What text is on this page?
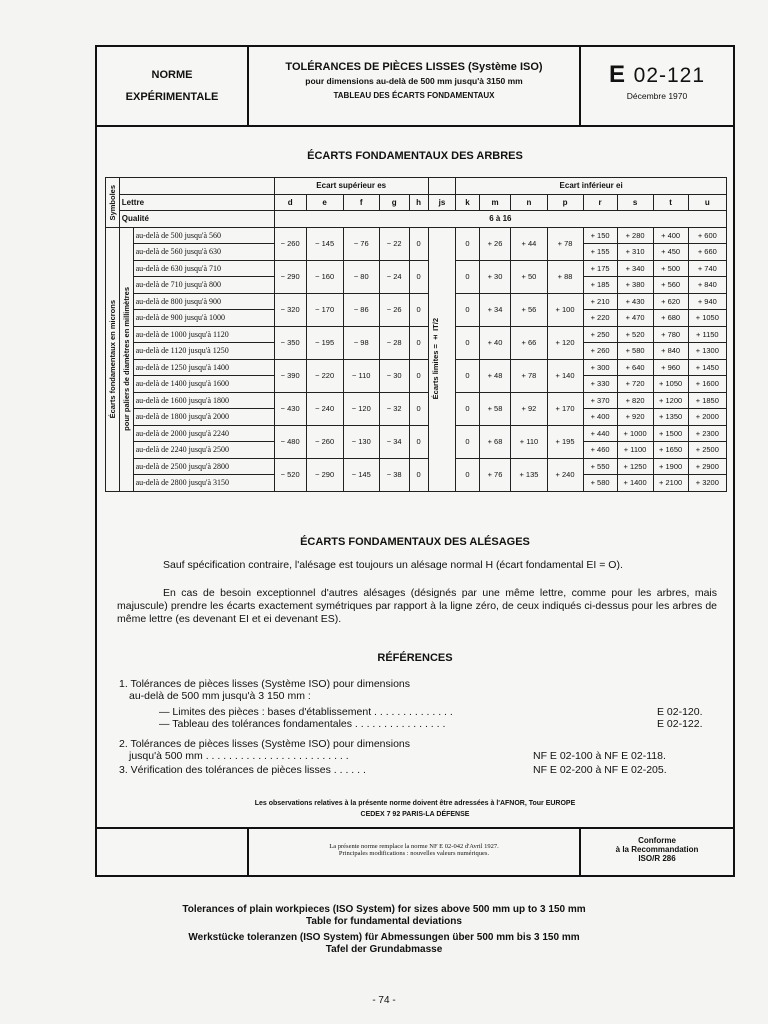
NORME
EXPÉRIMENTALE
TOLÉRANCES DE PIÈCES LISSES (Système ISO)
pour dimensions au-delà de 500 mm jusqu'à 3150 mm
TABLEAU DES ÉCARTS FONDAMENTAUX
E 02-121
Décembre 1970
ÉCARTS FONDAMENTAUX DES ARBRES
Symboles			Ecart supérieur es						Ecart inférieur ei							
	Lettre		d	e	f	g	h	js	k	m	n	p	r	s	t	u
	Qualité		6 à 16													

Écarts fondamentaux en microns	pour paliers de diamètres en millimètres	au-delà de 500 jusqu'à 560	− 260	− 145	− 76	− 22	0	Écarts limites = ± IT/2	0	+ 26	+ 44	+ 78	+ 150	+ 280	+ 400	+ 600
		au-delà de 560 jusqu'à 630											+ 155	+ 310	+ 450	+ 660
		au-delà de 630 jusqu'à 710	− 290	− 160	− 80	− 24	0		0	+ 30	+ 50	+ 88	+ 175	+ 340	+ 500	+ 740
		au-delà de 710 jusqu'à 800											+ 185	+ 380	+ 560	+ 840
		au-delà de 800 jusqu'à 900	− 320	− 170	− 86	− 26	0		0	+ 34	+ 56	+ 100	+ 210	+ 430	+ 620	+ 940
		au-delà de 900 jusqu'à 1000											+ 220	+ 470	+ 680	+ 1050
		au-delà de 1000 jusqu'à 1120	− 350	− 195	− 98	− 28	0		0	+ 40	+ 66	+ 120	+ 250	+ 520	+ 780	+ 1150
		au-delà de 1120 jusqu'à 1250											+ 260	+ 580	+ 840	+ 1300
		au-delà de 1250 jusqu'à 1400	− 390	− 220	− 110	− 30	0		0	+ 48	+ 78	+ 140	+ 300	+ 640	+ 960	+ 1450
		au-delà de 1400 jusqu'à 1600											+ 330	+ 720	+ 1050	+ 1600
		au-delà de 1600 jusqu'à 1800	− 430	− 240	− 120	− 32	0		0	+ 58	+ 92	+ 170	+ 370	+ 820	+ 1200	+ 1850
		au-delà de 1800 jusqu'à 2000											+ 400	+ 920	+ 1350	+ 2000
		au-delà de 2000 jusqu'à 2240	− 480	− 260	− 130	− 34	0		0	+ 68	+ 110	+ 195	+ 440	+ 1000	+ 1500	+ 2300
		au-delà de 2240 jusqu'à 2500											+ 460	+ 1100	+ 1650	+ 2500
		au-delà de 2500 jusqu'à 2800	− 520	− 290	− 145	− 38	0		0	+ 76	+ 135	+ 240	+ 550	+ 1250	+ 1900	+ 2900
		au-delà de 2800 jusqu'à 3150											+ 580	+ 1400	+ 2100	+ 3200
ÉCARTS FONDAMENTAUX DES ALÉSAGES
Sauf spécification contraire, l'alésage est toujours un alésage normal H (écart fondamental EI = O).
En cas de besoin exceptionnel d'autres alésages (désignés par une même lettre, comme pour les arbres, mais majuscule) prendre les écarts exactement symétriques par rapport à la ligne zéro, de ceux indiqués ci-dessus pour les arbres de même lettre (es devenant EI et ei devenant ES).
RÉFÉRENCES
1. Tolérances de pièces lisses (Système ISO) pour dimensions
au-delà de 500 mm jusqu'à 3 150 mm :
— Limites des pièces : bases d'établissement . . . . . . . . . . . . . .	E 02-120.
— Tableau des tolérances fondamentales . . . . . . . . . . . . . . . .	E 02-122.
2. Tolérances de pièces lisses (Système ISO) pour dimensions
jusqu'à 500 mm . . . . . . . . . . . . . . . . . . . . . . . . .	NF E 02-100 à NF E 02-118.
3. Vérification des tolérances de pièces lisses . . . . . .	NF E 02-200 à NF E 02-205.
Les observations relatives à la présente norme doivent être adressées à l'AFNOR, Tour EUROPE
CEDEX 7 92 PARIS-LA DÉFENSE
La présente norme remplace la norme NF E 02-042 d'Avril 1927.
Principales modifications : nouvelles valeurs numériques.
Conforme
à la Recommandation
ISO/R 286
Tolerances of plain workpieces (ISO System) for sizes above 500 mm up to 3 150 mm
Table for fundamental deviations
Werkstücke toleranzen (ISO System) für Abmessungen über 500 mm bis 3 150 mm
Tafel der Grundabmasse
- 74 -
